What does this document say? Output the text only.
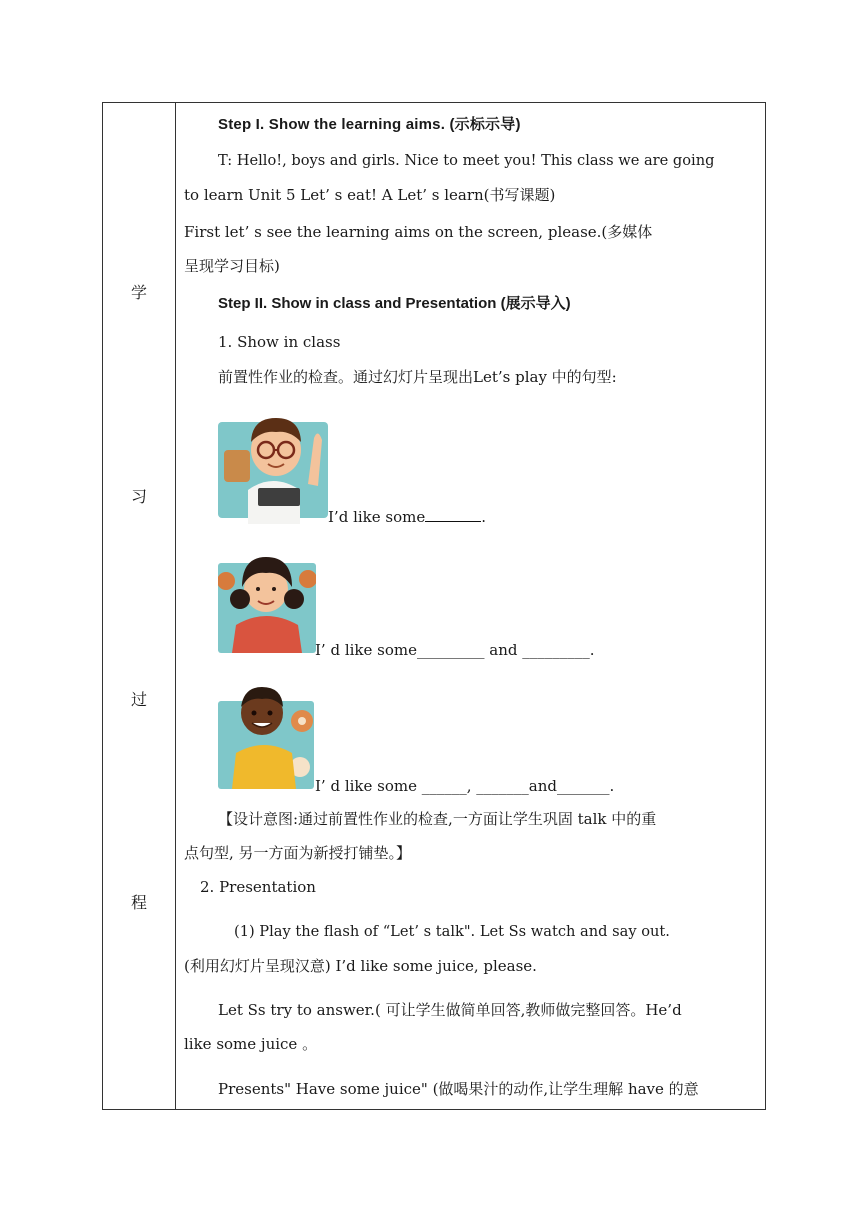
学
习
过
程
Step I. Show the learning aims. (示标示导)
T: Hello!, boys and girls. Nice to meet you! This class we are going
to learn Unit 5 Let’ s eat! A Let’ s learn(书写课题)
First let’ s see the learning aims on the screen, please.(多媒体
呈现学习目标)
Step II. Show in class and Presentation (展示导入)
1. Show in class
前置性作业的检查。通过幻灯片呈现出Let’s play 中的句型:
I’d like some	.
I’ d like some_________ and _________.
I’ d like some ______, _______and_______.
【设计意图:通过前置性作业的检查,一方面让学生巩固 talk 中的重
点句型, 另一方面为新授打铺垫。】
2. Presentation
(1) Play the flash of “Let’ s talk". Let Ss watch and say out.
(利用幻灯片呈现汉意) I’d like some juice, please.
Let Ss try to answer.( 可让学生做简单回答,教师做完整回答。He’d
like some juice 。
Presents" Have some juice" (做喝果汁的动作,让学生理解 have 的意
